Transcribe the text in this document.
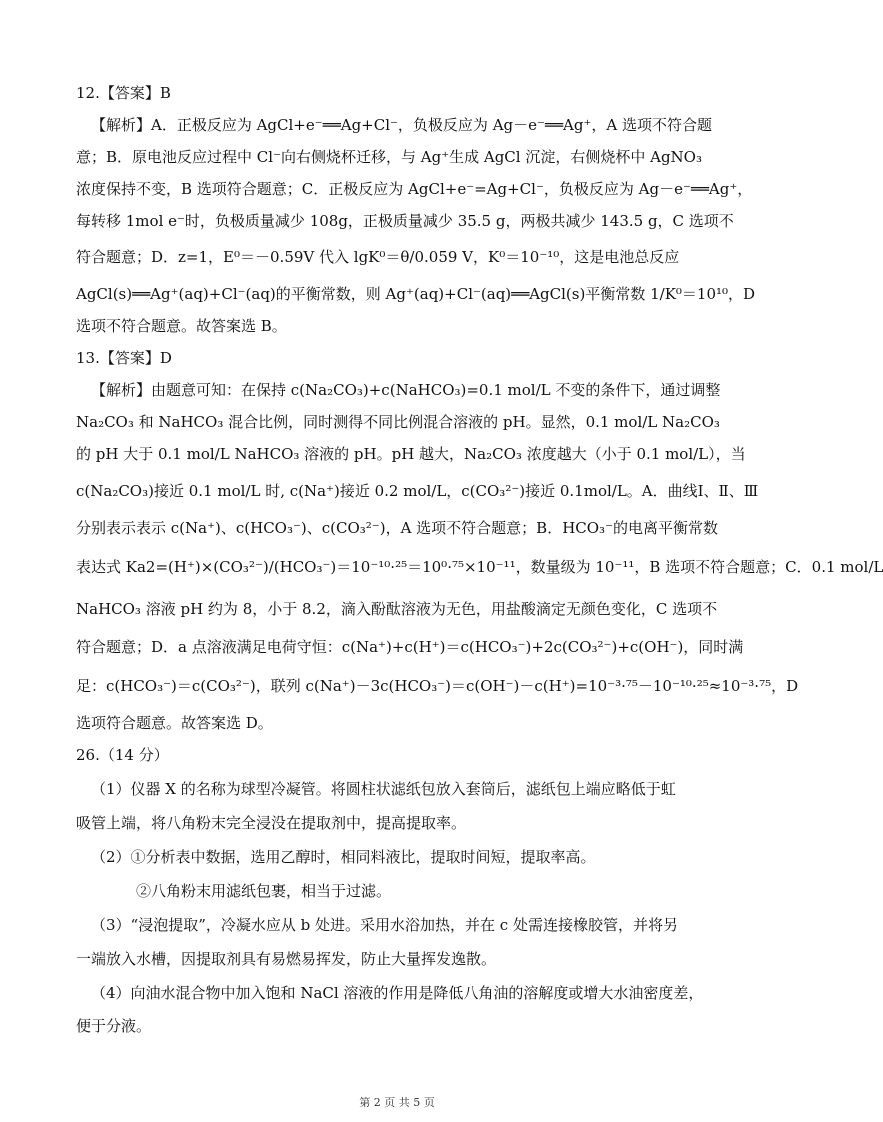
12.【答案】B
【解析】A．正极反应为 AgCl+e⁻══Ag+Cl⁻，负极反应为 Ag－e⁻══Ag⁺，A 选项不符合题
意；B．原电池反应过程中 Cl⁻向右侧烧杯迁移，与 Ag⁺生成 AgCl 沉淀，右侧烧杯中 AgNO₃
浓度保持不变，B 选项符合题意；C．正极反应为 AgCl+e⁻=Ag+Cl⁻，负极反应为 Ag－e⁻══Ag⁺，
每转移 1mol e⁻时，负极质量减少 108g，正极质量减少 35.5 g，两极共减少 143.5 g，C 选项不
符合题意；D．z=1，E⁰＝－0.59V 代入 lgK⁰＝θ/0.059 V，K⁰＝10⁻¹⁰，这是电池总反应
AgCl(s)══Ag⁺(aq)+Cl⁻(aq)的平衡常数，则 Ag⁺(aq)+Cl⁻(aq)══AgCl(s)平衡常数 1/K⁰＝10¹⁰，D
选项不符合题意。故答案选 B。
13.【答案】D
【解析】由题意可知：在保持 c(Na₂CO₃)+c(NaHCO₃)=0.1 mol/L 不变的条件下，通过调整
Na₂CO₃ 和 NaHCO₃ 混合比例，同时测得不同比例混合溶液的 pH。显然，0.1 mol/L Na₂CO₃
的 pH 大于 0.1 mol/L NaHCO₃ 溶液的 pH。pH 越大，Na₂CO₃ 浓度越大（小于 0.1 mol/L），当
c(Na₂CO₃)接近 0.1 mol/L 时, c(Na⁺)接近 0.2 mol/L，c(CO₃²⁻)接近 0.1mol/L。A．曲线Ⅰ、Ⅱ、Ⅲ
分别表示表示 c(Na⁺)、c(HCO₃⁻)、c(CO₃²⁻)，A 选项不符合题意；B．HCO₃⁻的电离平衡常数
表达式 Ka2=(H⁺)×(CO₃²⁻)/(HCO₃⁻)＝10⁻¹⁰·²⁵＝10⁰·⁷⁵×10⁻¹¹，数量级为 10⁻¹¹，B 选项不符合题意；C．0.1 mol/L
NaHCO₃ 溶液 pH 约为 8，小于 8.2，滴入酚酞溶液为无色，用盐酸滴定无颜色变化，C 选项不
符合题意；D．a 点溶液满足电荷守恒：c(Na⁺)+c(H⁺)＝c(HCO₃⁻)+2c(CO₃²⁻)+c(OH⁻)，同时满
足：c(HCO₃⁻)＝c(CO₃²⁻)，联列 c(Na⁺)－3c(HCO₃⁻)＝c(OH⁻)－c(H⁺)=10⁻³·⁷⁵－10⁻¹⁰·²⁵≈10⁻³·⁷⁵，D
选项符合题意。故答案选 D。
26.（14 分）
（1）仪器 X 的名称为球型冷凝管。将圆柱状滤纸包放入套筒后，滤纸包上端应略低于虹
吸管上端，将八角粉末完全浸没在提取剂中，提高提取率。
（2）①分析表中数据，选用乙醇时，相同料液比，提取时间短，提取率高。
②八角粉末用滤纸包裹，相当于过滤。
（3）“浸泡提取”，冷凝水应从 b 处进。采用水浴加热，并在 c 处需连接橡胶管，并将另
一端放入水槽，因提取剂具有易燃易挥发，防止大量挥发逸散。
（4）向油水混合物中加入饱和 NaCl 溶液的作用是降低八角油的溶解度或增大水油密度差，
便于分液。
第 2 页 共 5 页
